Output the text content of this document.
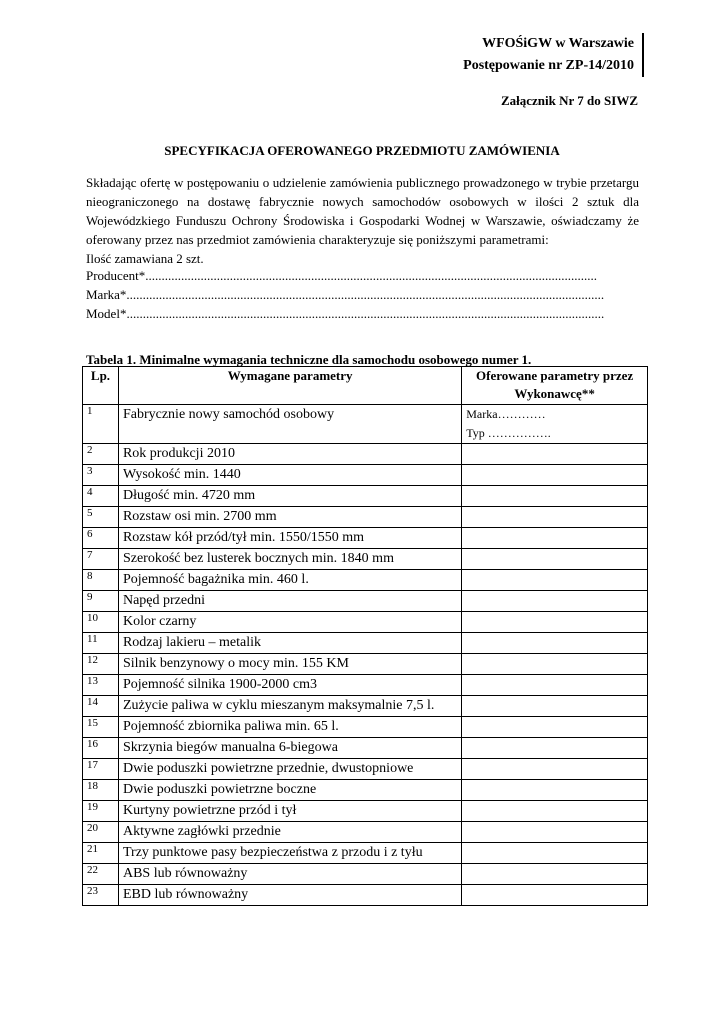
WFOŚiGW w Warszawie
Postępowanie nr ZP-14/2010
Załącznik Nr 7 do SIWZ
SPECYFIKACJA OFEROWANEGO PRZEDMIOTU ZAMÓWIENIA

Składając ofertę w postępowaniu o udzielenie zamówienia publicznego prowadzonego w trybie przetargu nieograniczonego na dostawę fabrycznie nowych samochodów osobowych w ilości 2 sztuk dla Wojewódzkiego Funduszu Ochrony Środowiska i Gospodarki Wodnej w Warszawie, oświadczamy że oferowany przez nas przedmiot zamówienia charakteryzuje się poniższymi parametrami:

Ilość zamawiana 2 szt.

Producent*...........................................................................................................................................
Marka*...................................................................................................................................................
Model*...................................................................................................................................................
Tabela 1. Minimalne wymagania techniczne dla samochodu osobowego numer 1.
Lp.	Wymagane parametry	Oferowane parametry przez
Wykonawcę**

1	Fabrycznie nowy samochód osobowy	Marka…………
Typ …………….

2	Rok produkcji 2010	
3	Wysokość min. 1440	
4	Długość min. 4720 mm	
5	Rozstaw osi min. 2700 mm	
6	Rozstaw kół przód/tył min. 1550/1550 mm	
7	Szerokość bez lusterek bocznych min. 1840 mm	
8	Pojemność bagażnika min. 460 l.	
9	Napęd przedni	
10	Kolor czarny	
11	Rodzaj lakieru – metalik	
12	Silnik benzynowy o mocy min. 155 KM	
13	Pojemność silnika 1900-2000 cm3	
14	Zużycie paliwa w cyklu mieszanym maksymalnie 7,5 l.	
15	Pojemność zbiornika paliwa min. 65 l.	
16	Skrzynia biegów manualna 6-biegowa	
17	Dwie poduszki powietrzne przednie, dwustopniowe	
18	Dwie poduszki powietrzne boczne	
19	Kurtyny powietrzne przód i tył	
20	Aktywne zagłówki przednie	
21	Trzy punktowe pasy bezpieczeństwa z przodu i z tyłu	
22	ABS lub równoważny	
23	EBD lub równoważny	
